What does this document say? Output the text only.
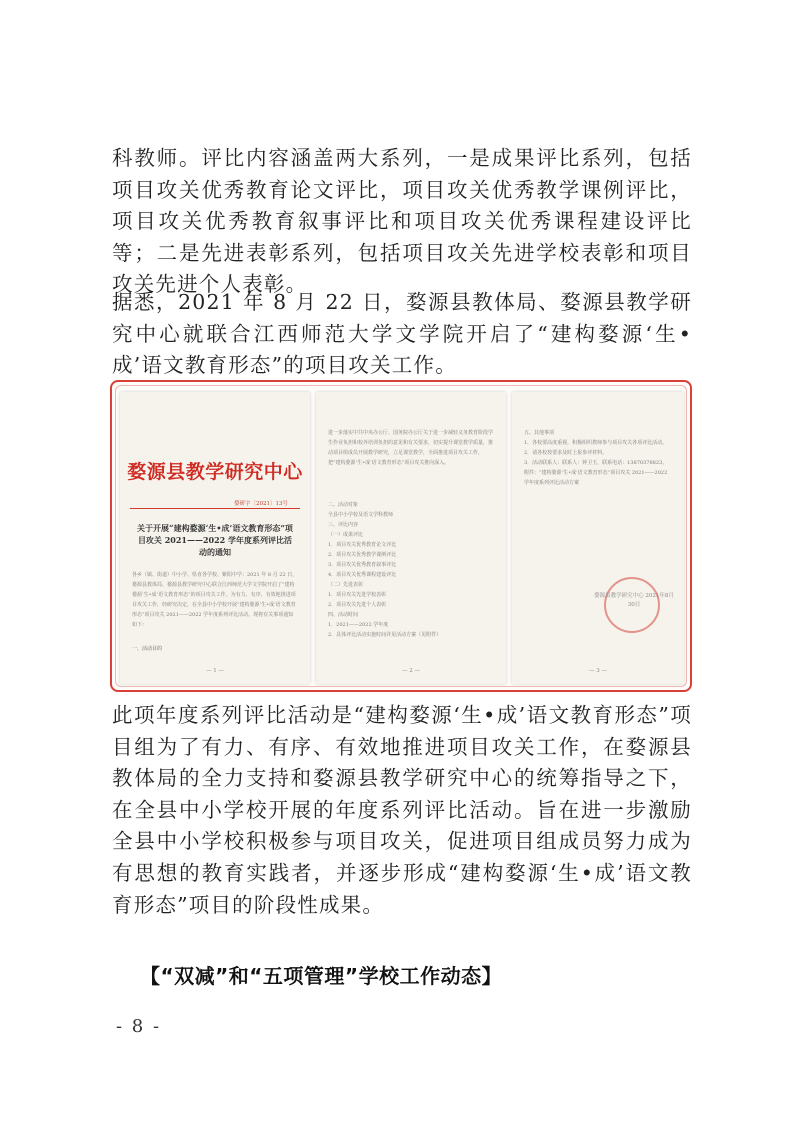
科教师。评比内容涵盖两大系列，一是成果评比系列，包括项目攻关优秀教育论文评比，项目攻关优秀教学课例评比，项目攻关优秀教育叙事评比和项目攻关优秀课程建设评比等；二是先进表彰系列，包括项目攻关先进学校表彰和项目攻关先进个人表彰。

据悉，2021 年 8 月 22 日，婺源县教体局、婺源县教学研究中心就联合江西师范大学文学院开启了“建构婺源‘生•成’语文教育形态”的项目攻关工作。

婺源县教学研究中心
婺研字〔2021〕13号
关于开展“建构婺源‘生•成’语文教育形态”项目攻关 2021——2022 学年度系列评比活动的通知
各乡（镇、街道）中小学、県直各学校、紫阳中学：2021 年 8 月 22 日，婺源县教体局、婺源县教学研究中心联合江西师范大学文学院开启了“建构婺源‘生•成’语文教育形态”的项目攻关工作。为有力、有序、有效地推进项目攻关工作，经研究决定，在全县中小学校开展“建构婺源‘生•成’语文教育形态”项目攻关 2021——2022 学年度系列评比活动。现将有关事项通知如下：
一、活动目的
— 1 —
进一步落实中共中央办公厅、国务院办公厅关于进一步减轻义务教育阶段学生作业负担和校外培训负担的意见和有关要求，切实提升课堂教学质量，推动项目组成员开展教学研究，立足课堂教学，全面推进项目攻关工作，把“建构婺源‘生•成’语文教育形态”项目攻关推向深入。
二、活动对象
全县中小学校及语文学科教师
三、评比内容
（一）成果评比
1．项目攻关优秀教育论文评比
2．项目攻关优秀教学课例评比
3．项目攻关优秀教育叙事评比
4．项目攻关优秀课程建设评比
（二）先进表彰
1．项目攻关先进学校表彰
2．项目攻关先进个人表彰
四、活动时间
1．2021——2022 学年度
2．具体评比活动实施时间详见活动方案（见附件）
— 2 —
五、其他事项
1．各校要高度重视，积极组织教师参与项目攻关各项评比活动。
2．请各校按要求及时上报参评材料。
3．活动联系人：联系人：钟卫玉，联系电话：13870378823。
附件：“建构婺源‘生•成’语文教育形态”项目攻关 2021——2022 学年度系列评比活动方案
婺源县教学研究中心 2021年8月30日
— 3 —

此项年度系列评比活动是“建构婺源‘生•成’语文教育形态”项目组为了有力、有序、有效地推进项目攻关工作，在婺源县教体局的全力支持和婺源县教学研究中心的统筹指导之下，在全县中小学校开展的年度系列评比活动。旨在进一步激励全县中小学校积极参与项目攻关，促进项目组成员努力成为有思想的教育实践者，并逐步形成“建构婺源‘生•成’语文教育形态”项目的阶段性成果。

【“双减”和“五项管理”学校工作动态】
- 8 -
